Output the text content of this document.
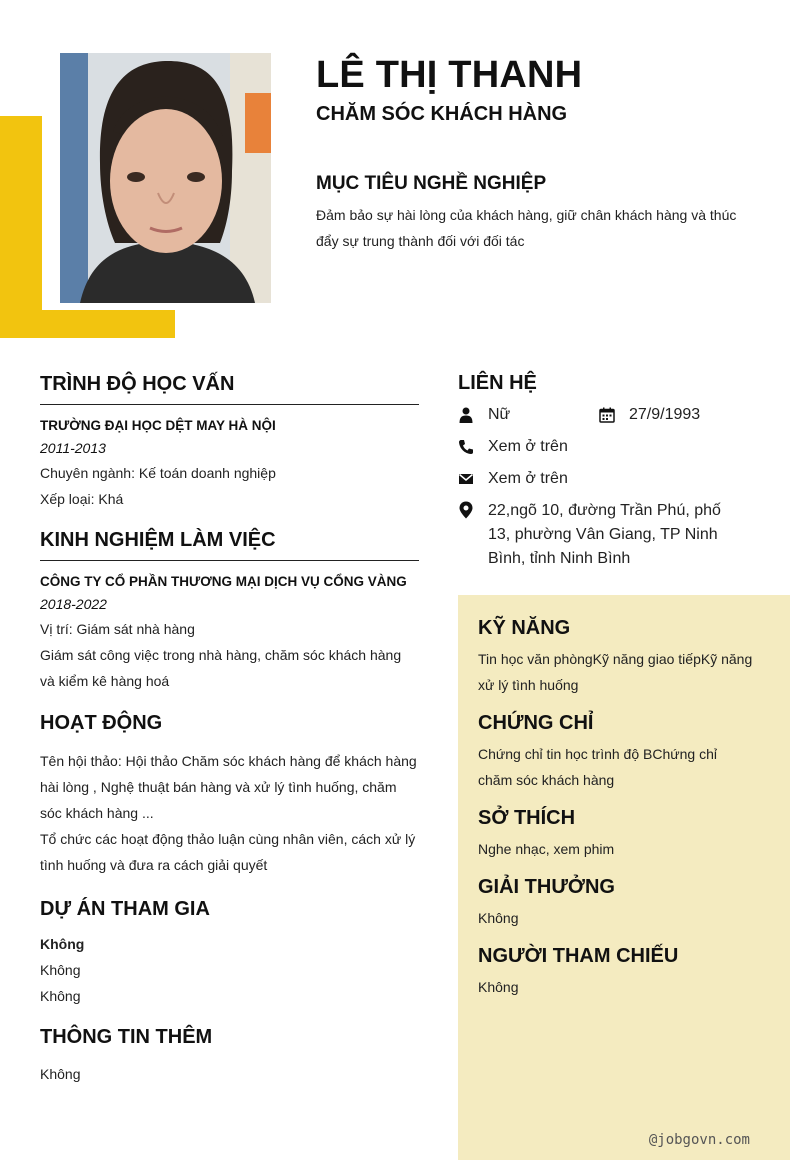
LÊ THỊ THANH
CHĂM SÓC KHÁCH HÀNG
MỤC TIÊU NGHỀ NGHIỆP
Đảm bảo sự hài lòng của khách hàng, giữ chân khách hàng và thúc đẩy sự trung thành đối với đối tác
TRÌNH ĐỘ HỌC VẤN
TRƯỜNG ĐẠI HỌC DỆT MAY HÀ NỘI
2011-2013
Chuyên ngành: Kế toán doanh nghiệp
Xếp loại: Khá
KINH NGHIỆM LÀM VIỆC
CÔNG TY CỔ PHẦN THƯƠNG MẠI DỊCH VỤ CỔNG VÀNG
2018-2022
Vị trí: Giám sát nhà hàng
Giám sát công việc trong nhà hàng, chăm sóc khách hàng và kiểm kê hàng hoá
HOẠT ĐỘNG
Tên hội thảo: Hội thảo Chăm sóc khách hàng để khách hàng hài lòng , Nghệ thuật bán hàng và xử lý tình huống, chăm sóc khách hàng ...
Tổ chức các hoạt động thảo luận cùng nhân viên, cách xử lý tình huống và đưa ra cách giải quyết
DỰ ÁN THAM GIA
Không
Không
Không
THÔNG TIN THÊM
Không
LIÊN HỆ
Nữ	27/9/1993
Xem ở trên
Xem ở trên
22,ngõ 10, đường Trần Phú, phố 13, phường Vân Giang, TP Ninh Bình, tỉnh Ninh Bình
KỸ NĂNG
Tin học văn phòngKỹ năng giao tiếpKỹ năng xử lý tình huống
CHỨNG CHỈ
Chứng chỉ tin học trình độ BChứng chỉ chăm sóc khách hàng
SỞ THÍCH
Nghe nhạc, xem phim
GIẢI THƯỞNG
Không
NGƯỜI THAM CHIẾU
Không
@jobgovn.com
